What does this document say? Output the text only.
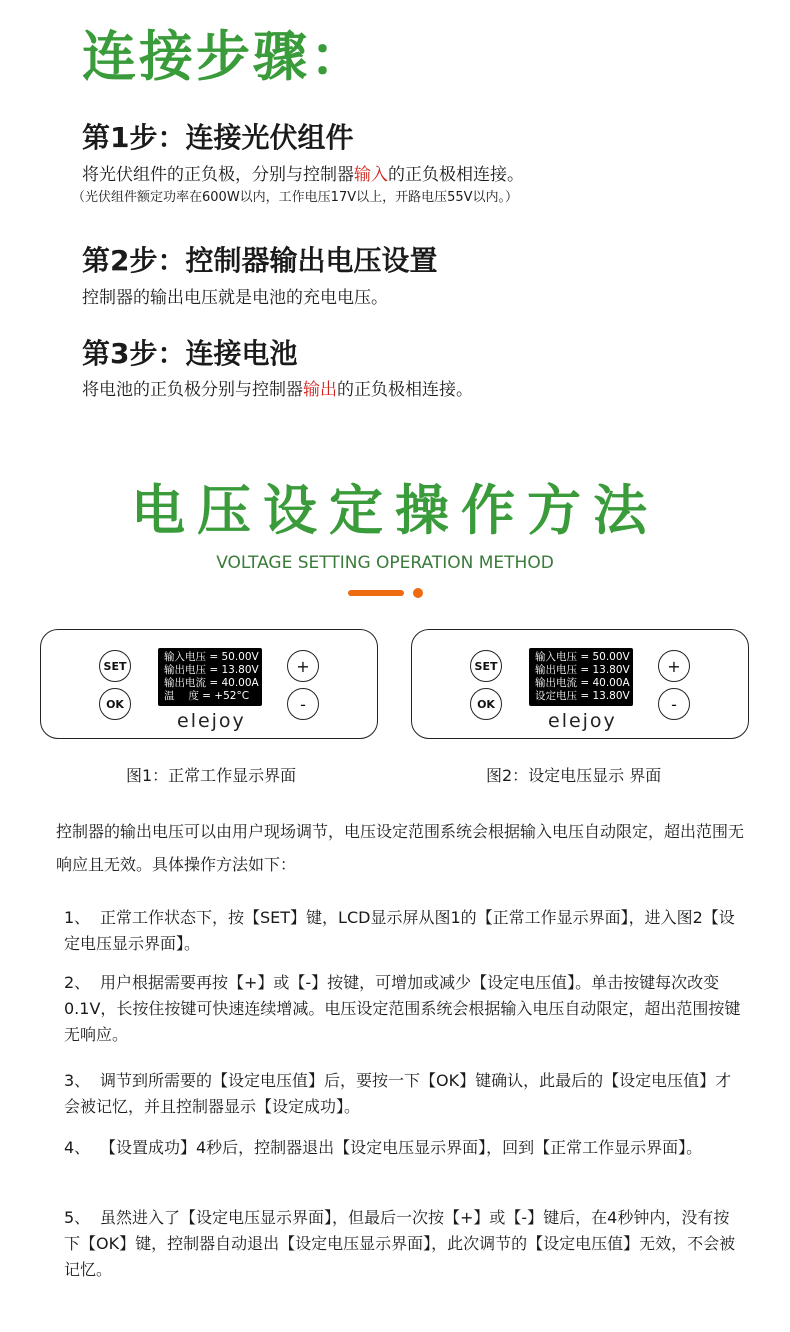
连接步骤：
第1步：连接光伏组件
将光伏组件的正负极，分别与控制器输入的正负极相连接。
（光伏组件额定功率在600W以内，工作电压17V以上，开路电压55V以内。）
第2步：控制器输出电压设置
控制器的输出电压就是电池的充电电压。
第3步：连接电池
将电池的正负极分别与控制器输出的正负极相连接。
电压设定操作方法
VOLTAGE SETTING OPERATION METHOD
SET
OK
输入电压 = 50.00V
输出电压 = 13.80V
输出电流 = 40.00A
温　 度 = +52°C
+
-
elejoy
图1：正常工作显示界面
SET
OK
输入电压 = 50.00V
输出电压 = 13.80V
输出电流 = 40.00A
设定电压 = 13.80V
+
-
elejoy
图2：设定电压显示 界面
控制器的输出电压可以由用户现场调节，电压设定范围系统会根据输入电压自动限定，超出范围无响应且无效。具体操作方法如下：
1、 正常工作状态下，按【SET】键，LCD显示屏从图1的【正常工作显示界面】，进入图2【设定电压显示界面】。
2、 用户根据需要再按【+】或【-】按键，可增加或减少【设定电压值】。单击按键每次改变0.1V，长按住按键可快速连续增减。电压设定范围系统会根据输入电压自动限定，超出范围按键无响应。
3、 调节到所需要的【设定电压值】后，要按一下【OK】键确认，此最后的【设定电压值】才会被记忆，并且控制器显示【设定成功】。
4、 【设置成功】4秒后，控制器退出【设定电压显示界面】，回到【正常工作显示界面】。
5、 虽然进入了【设定电压显示界面】，但最后一次按【+】或【-】键后，在4秒钟内，没有按下【OK】键，控制器自动退出【设定电压显示界面】，此次调节的【设定电压值】无效，不会被记忆。
